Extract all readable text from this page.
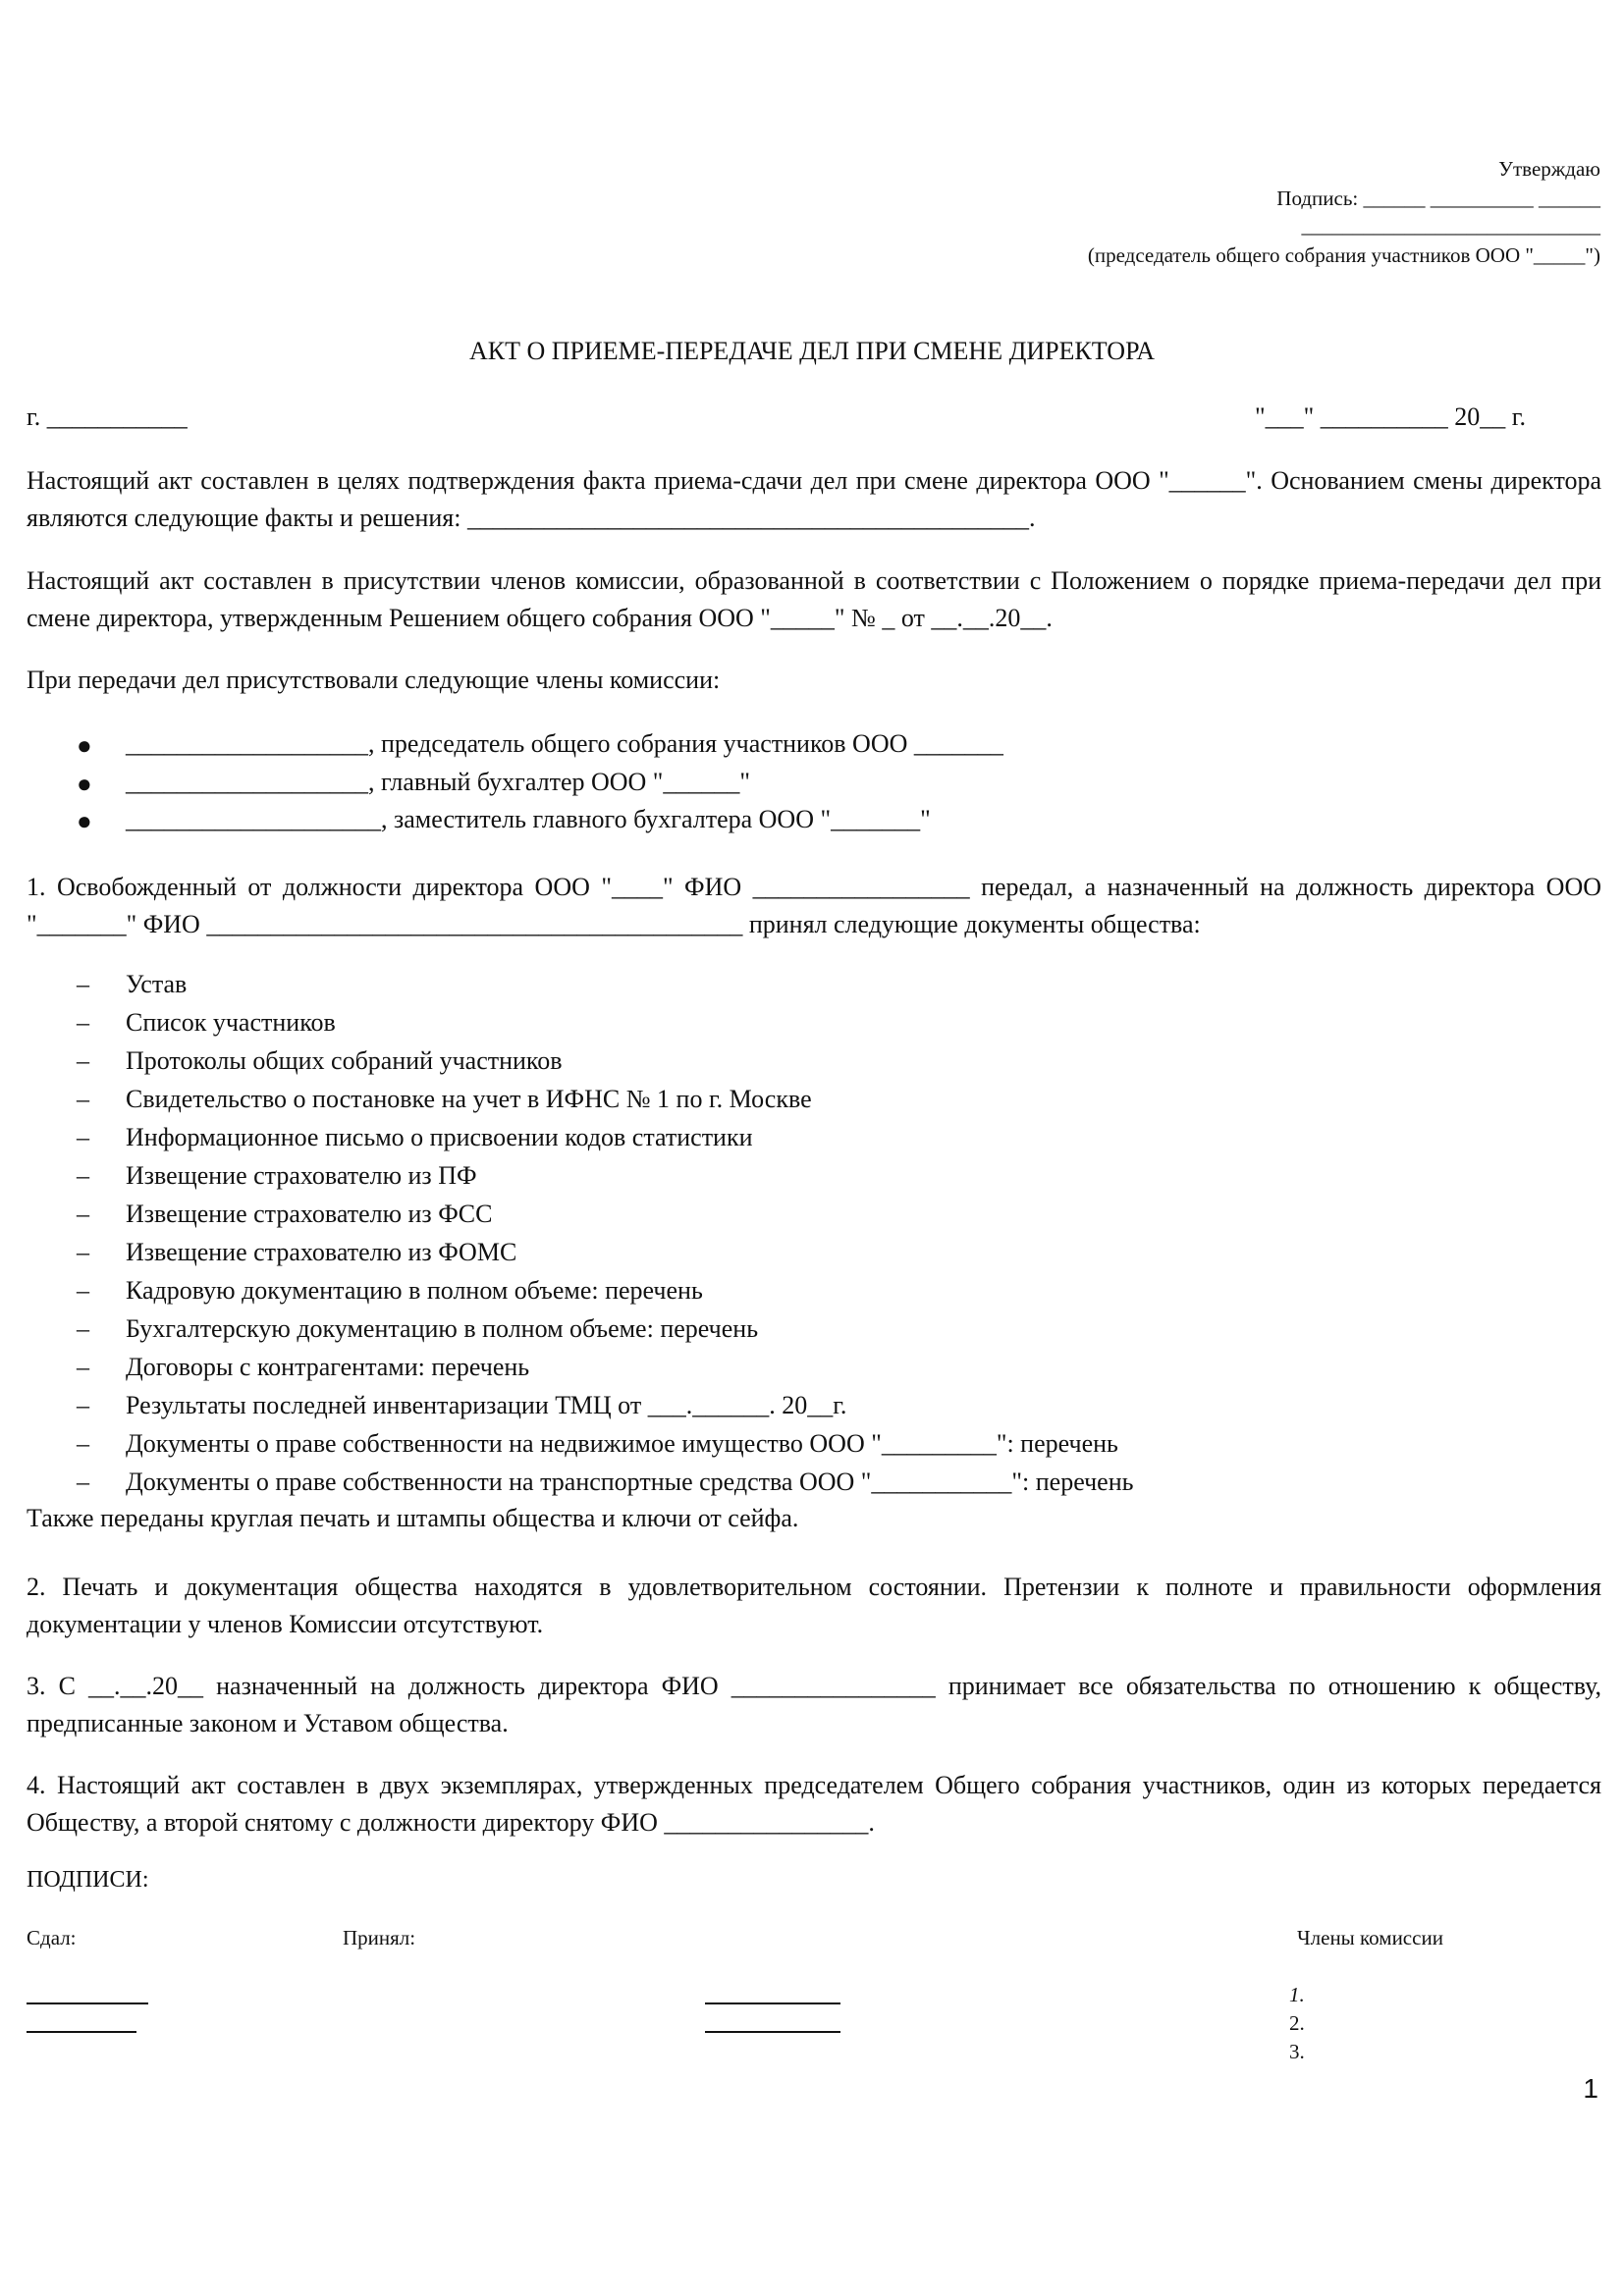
Утверждаю
Подпись: ______ __________ ______
_____________________________
(председатель общего собрания участников ООО "_____")
АКТ О ПРИЕМЕ-ПЕРЕДАЧЕ ДЕЛ ПРИ СМЕНЕ ДИРЕКТОРА
г. ___________	"___" __________ 20__ г.
Настоящий акт составлен в целях подтверждения факта приема-сдачи дел при смене директора ООО "______". Основанием смены директора являются следующие факты и решения: ____________________________________________.
Настоящий акт составлен в присутствии членов комиссии, образованной в соответствии с Положением о порядке приема-передачи дел при смене директора, утвержденным Решением общего собрания ООО "_____" № _ от __.__.20__.
При передачи дел присутствовали следующие члены комиссии:
● ___________________, председатель общего собрания участников ООО _______
● ___________________, главный бухгалтер ООО "______"
● ____________________, заместитель главного бухгалтера ООО "_______"
1. Освобожденный от должности директора ООО "____" ФИО _________________ передал, а назначенный на должность директора ООО "_______" ФИО __________________________________________ принял следующие документы общества:
– Устав
– Список участников
– Протоколы общих собраний участников
– Свидетельство о постановке на учет в ИФНС № 1 по г. Москве
– Информационное письмо о присвоении кодов статистики
– Извещение страхователю из ПФ
– Извещение страхователю из ФСС
– Извещение страхователю из ФОМС
– Кадровую документацию в полном объеме: перечень
– Бухгалтерскую документацию в полном объеме: перечень
– Договоры с контрагентами: перечень
– Результаты последней инвентаризации ТМЦ от ___.______. 20__г.
– Документы о праве собственности на недвижимое имущество ООО "_________": перечень
– Документы о праве собственности на транспортные средства ООО "___________": перечень
Также переданы круглая печать и штампы общества и ключи от сейфа.
2. Печать и документация общества находятся в удовлетворительном состоянии. Претензии к полноте и правильности оформления документации у членов Комиссии отсутствуют.
3. С __.__.20__ назначенный на должность директора ФИО ________________ принимает все обязательства по отношению к обществу, предписанные законом и Уставом общества.
4. Настоящий акт составлен в двух экземплярах, утвержденных председателем Общего собрания участников, один из которых передается Обществу, а второй снятому с должности директору ФИО ________________.
ПОДПИСИ:
Сдал:	Принял:	Члены комиссии
1.
2.
3.
1
